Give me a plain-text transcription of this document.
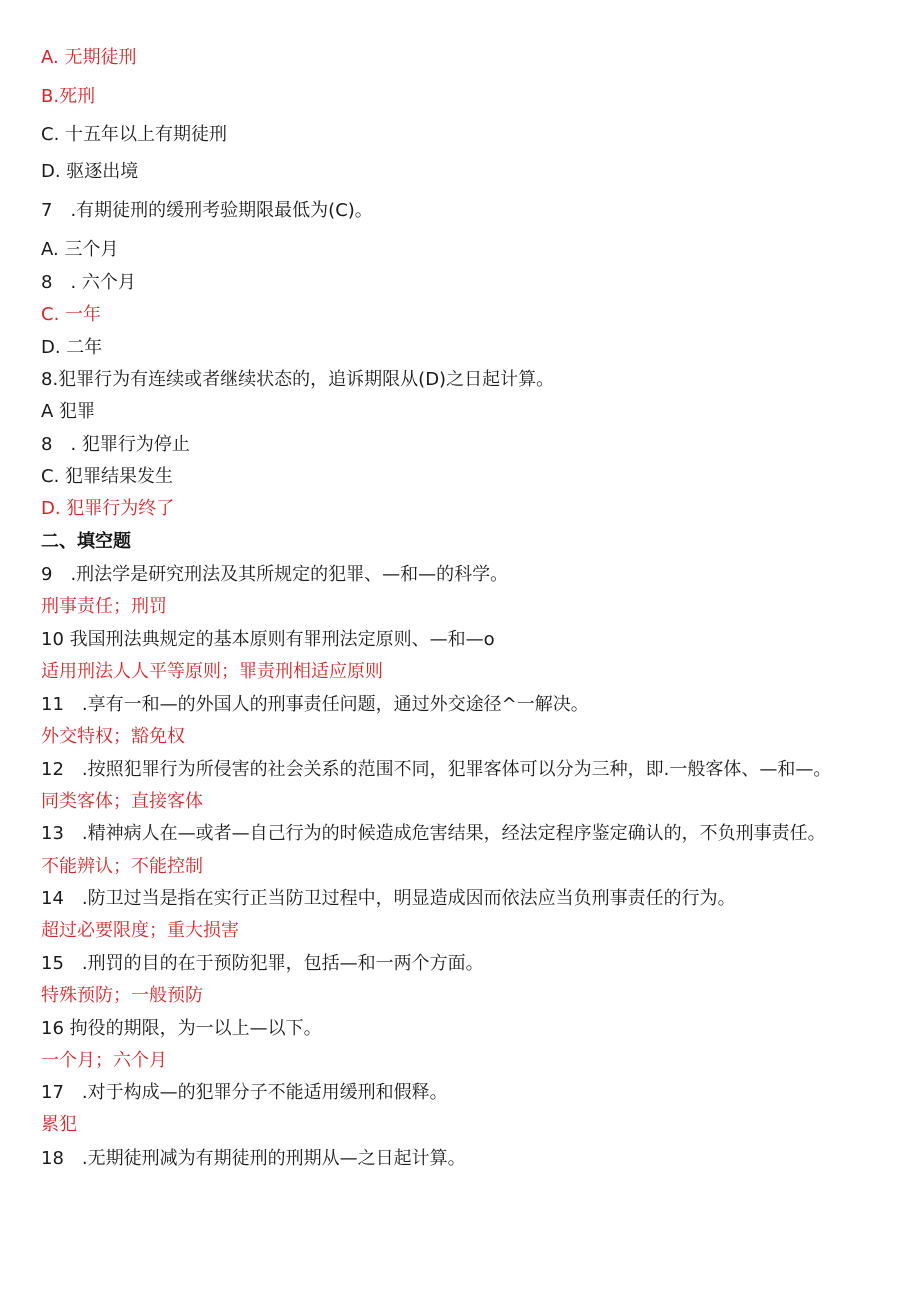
A. 无期徒刑
B.死刑
C. 十五年以上有期徒刑
D. 驱逐出境
7　.有期徒刑的缓刑考验期限最低为(C)。
A. 三个月
8　. 六个月
C. 一年
D. 二年
8.犯罪行为有连续或者继续状态的，追诉期限从(D)之日起计算。
A 犯罪
8　. 犯罪行为停止
C. 犯罪结果发生
D. 犯罪行为终了
二、填空题
9　.刑法学是研究刑法及其所规定的犯罪、—和—的科学。
刑事责任；刑罚
10 我国刑法典规定的基本原则有罪刑法定原则、—和—o
适用刑法人人平等原则；罪责刑相适应原则
11　.享有一和—的外国人的刑事责任问题，通过外交途径^一解决。
外交特权；豁免权
12　.按照犯罪行为所侵害的社会关系的范围不同，犯罪客体可以分为三种，即.一般客体、—和—。
同类客体；直接客体
13　.精神病人在—或者—自己行为的时候造成危害结果，经法定程序鉴定确认的，不负刑事责任。
不能辨认；不能控制
14　.防卫过当是指在实行正当防卫过程中，明显造成因而依法应当负刑事责任的行为。
超过必要限度；重大损害
15　.刑罚的目的在于预防犯罪，包括—和一两个方面。
特殊预防；一般预防
16 拘役的期限，为一以上—以下。
一个月；六个月
17　.对于构成—的犯罪分子不能适用缓刑和假释。
累犯
18　.无期徒刑减为有期徒刑的刑期从—之日起计算。
